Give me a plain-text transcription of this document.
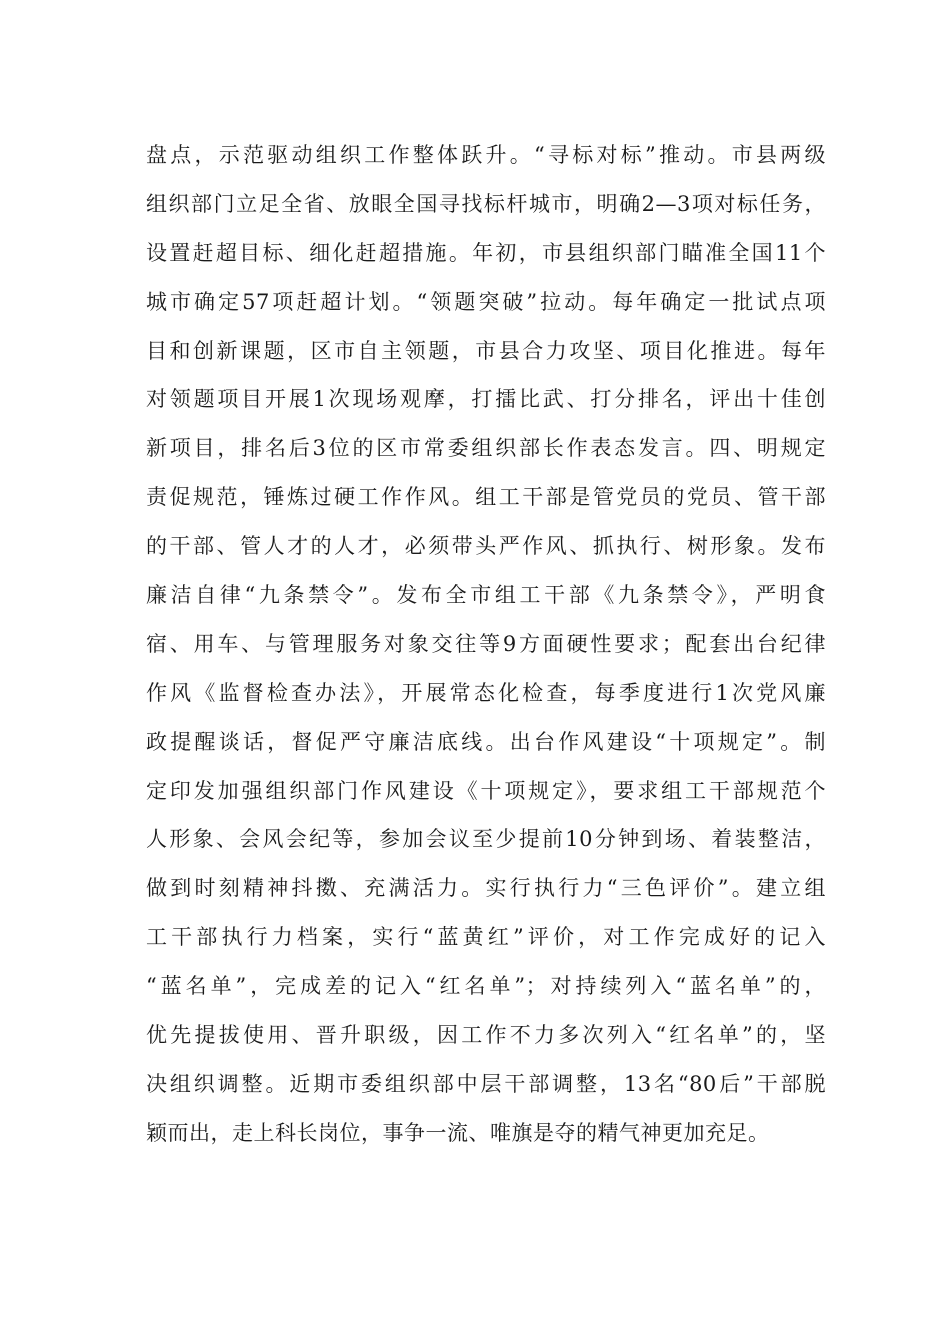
盘点，示范驱动组织工作整体跃升。“寻标对标”推动。市县两级
组织部门立足全省、放眼全国寻找标杆城市，明确2—3项对标任务，
设置赶超目标、细化赶超措施。年初，市县组织部门瞄准全国11个
城市确定57项赶超计划。“领题突破”拉动。每年确定一批试点项
目和创新课题，区市自主领题，市县合力攻坚、项目化推进。每年
对领题项目开展1次现场观摩，打擂比武、打分排名，评出十佳创
新项目，排名后3位的区市常委组织部长作表态发言。四、明规定
责促规范，锤炼过硬工作作风。组工干部是管党员的党员、管干部
的干部、管人才的人才，必须带头严作风、抓执行、树形象。发布
廉洁自律“九条禁令”。发布全市组工干部《九条禁令》，严明食
宿、用车、与管理服务对象交往等9方面硬性要求；配套出台纪律
作风《监督检查办法》，开展常态化检查，每季度进行1次党风廉
政提醒谈话，督促严守廉洁底线。出台作风建设“十项规定”。制
定印发加强组织部门作风建设《十项规定》，要求组工干部规范个
人形象、会风会纪等，参加会议至少提前10分钟到场、着装整洁，
做到时刻精神抖擞、充满活力。实行执行力“三色评价”。建立组
工干部执行力档案，实行“蓝黄红”评价，对工作完成好的记入
“蓝名单”，完成差的记入“红名单”；对持续列入“蓝名单”的，
优先提拔使用、晋升职级，因工作不力多次列入“红名单”的，坚
决组织调整。近期市委组织部中层干部调整，13名“80后”干部脱
颖而出，走上科长岗位，事争一流、唯旗是夺的精气神更加充足。
